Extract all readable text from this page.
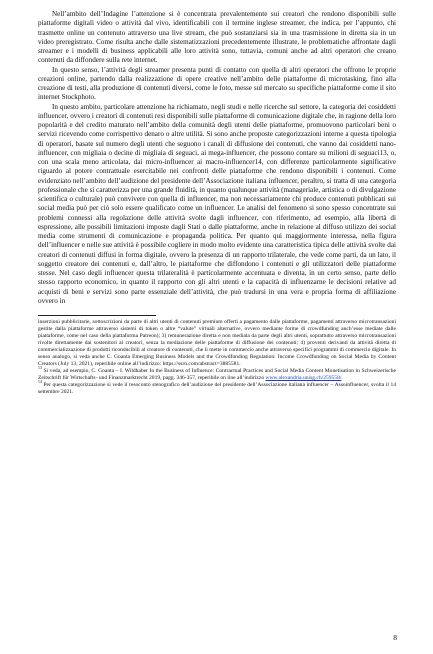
Nell’ambito dell’Indagine l’attenzione si è concentrata prevalentemente sui creatori che rendono disponibili sulle piattaforme digitali video o attività dal vivo, identificabili con il termine inglese streamer, che indica, per l’appunto, chi trasmette online un contenuto attraverso una live stream, che può sostanziarsi sia in una trasmissione in diretta sia in un video preregistrato. Come risulta anche dalle sistematizzazioni precedentemente illustrate, le problematiche affrontate dagli streamer e i modelli di business applicabili alle loro attività sono, tuttavia, comuni anche ad altri operatori che creano contenuti da diffondere sulla rete internet.

In questo senso, l’attività degli streamer presenta punti di contatto con quella di altri operatori che offrono le proprie creazioni online, partendo dalla realizzazione di opere creative nell’ambito delle piattaforme di microtasking, fino alla creazione di testi, alla produzione di contenuti diversi, come le foto, messe sul mercato su specifiche piattaforme come il sito internet Stockphoto.

In questo ambito, particolare attenzione ha richiamato, negli studi e nelle ricerche sul settore, la categoria dei cosiddetti influencer, ovvero i creatori di contenuti resi disponibili sulle piattaforme di comunicazione digitale che, in ragione della loro popolarità e del credito maturato nell’ambito della comunità degli utenti delle piattaforme, promuovono particolari beni o servizi ricevendo come corrispettivo denaro o altre utilità. Si sono anche proposte categorizzazioni interne a questa tipologia di operatori, basate sul numero degli utenti che seguono i canali di diffusione dei contenuti, che vanno dai cosiddetti nano-influencer, con migliaia o decine di migliaia di seguaci, ai mega-influencer, che possono contare su milioni di seguaci13, o, con una scala meno articolata, dai micro-influencer ai macro-influencer14, con differenze particolarmente significative riguardo al potere contrattuale esercitabile nei confronti delle piattaforme che rendono disponibili i contenuti. Come evidenziato nell’ambito dell’audizione del presidente dell’Associazione italiana influencer, peraltro, si tratta di una categoria professionale che si caratterizza per una grande fluidità, in quanto qualunque attività (manageriale, artistica o di divulgazione scientifica o culturale) può convivere con quella di influencer, ma non necessariamente chi produce contenuti pubblicati sui social media può per ciò solo essere qualificato come un influencer. Le analisi del fenomeno si sono spesso concentrate sui problemi connessi alla regolazione delle attività svolte dagli influencer, con riferimento, ad esempio, alla libertà di espressione, alle possibili limitazioni imposte dagli Stati o dalle piattaforme, anche in relazione al diffuso utilizzo dei social media come strumenti di comunicazione e propaganda politica. Per quanto qui maggiormente interessa, nella figura dell’influencer e nelle sue attività è possibile cogliere in modo molto evidente una caratteristica tipica delle attività svolte dai creatori di contenuti diffusi in forma digitale, ovvero la presenza di un rapporto trilaterale, che vede come parti, da un lato, il soggetto creatore dei contenuti e, dall’altro, le piattaforme che diffondono i contenuti e gli utilizzatori delle piattaforme stesse. Nel caso degli influencer questa trilateralità è particolarmente accentuata e diventa, in un certo senso, parte dello stesso rapporto economico, in quanto il rapporto con gli altri utenti e la capacità di influenzarne le decisioni relative ad acquisti di beni e servizi sono parte essenziale dell’attività, che può tradursi in una vera e propria forma di affiliazione ovvero in

inserzioni pubblicitarie, sottoscrizioni da parte di altri utenti di contenuti premium offerti a pagamento dalle piattaforme, pagamenti attraverso microtransazioni gestite dalla piattaforme attraverso sistemi di token o altre “valute” virtuali alternative, ovvero mediante forme di crowdfunding anch’esse mediate dalle piattaforme, come nel caso della piattaforma Patreon); 3) remunerazione diretta e non mediata da parte degli altri utenti, soprattutto attraverso microtransazioni rivolte direttamente dai sostenitori ai creatori, senza la mediazione delle piattaforme di diffusione dei contenuti; 4) proventi derivanti da attività diretta di commercializzazione di prodotti riconducibili al creatore di contenuti, che li mette in commercio anche attraverso specifici programmi di commercio digitale. In senso analogo, si veda anche C. Goanta Emerging Business Models and the Crowdfunding Regulation: Income Crowdfunding on Social Media by Content Creators (July 13, 2021), reperibile online all’indirizzo: https://ssrn.com/abstract=3885581.

$^{13}$ Si veda, ad esempio, C. Goanta – I. Wildhaber In the Business of Influence: Contractual Practices and Social Media Content Monetisation in Schweizerische Zeitschrift für Wirtschafts- und Finanzmarktrecht 2019, pagg. 346-357, reperibile on line all’indirizzo www.alexandria.unisg.ch/259558/.

$^{14}$ Per questa categorizzazione si vede il resoconto stenografico dell’audizione del presidente dell’Associazione italiana influencer – Assoinfluencer, svolta il 14 settembre 2021.

8
